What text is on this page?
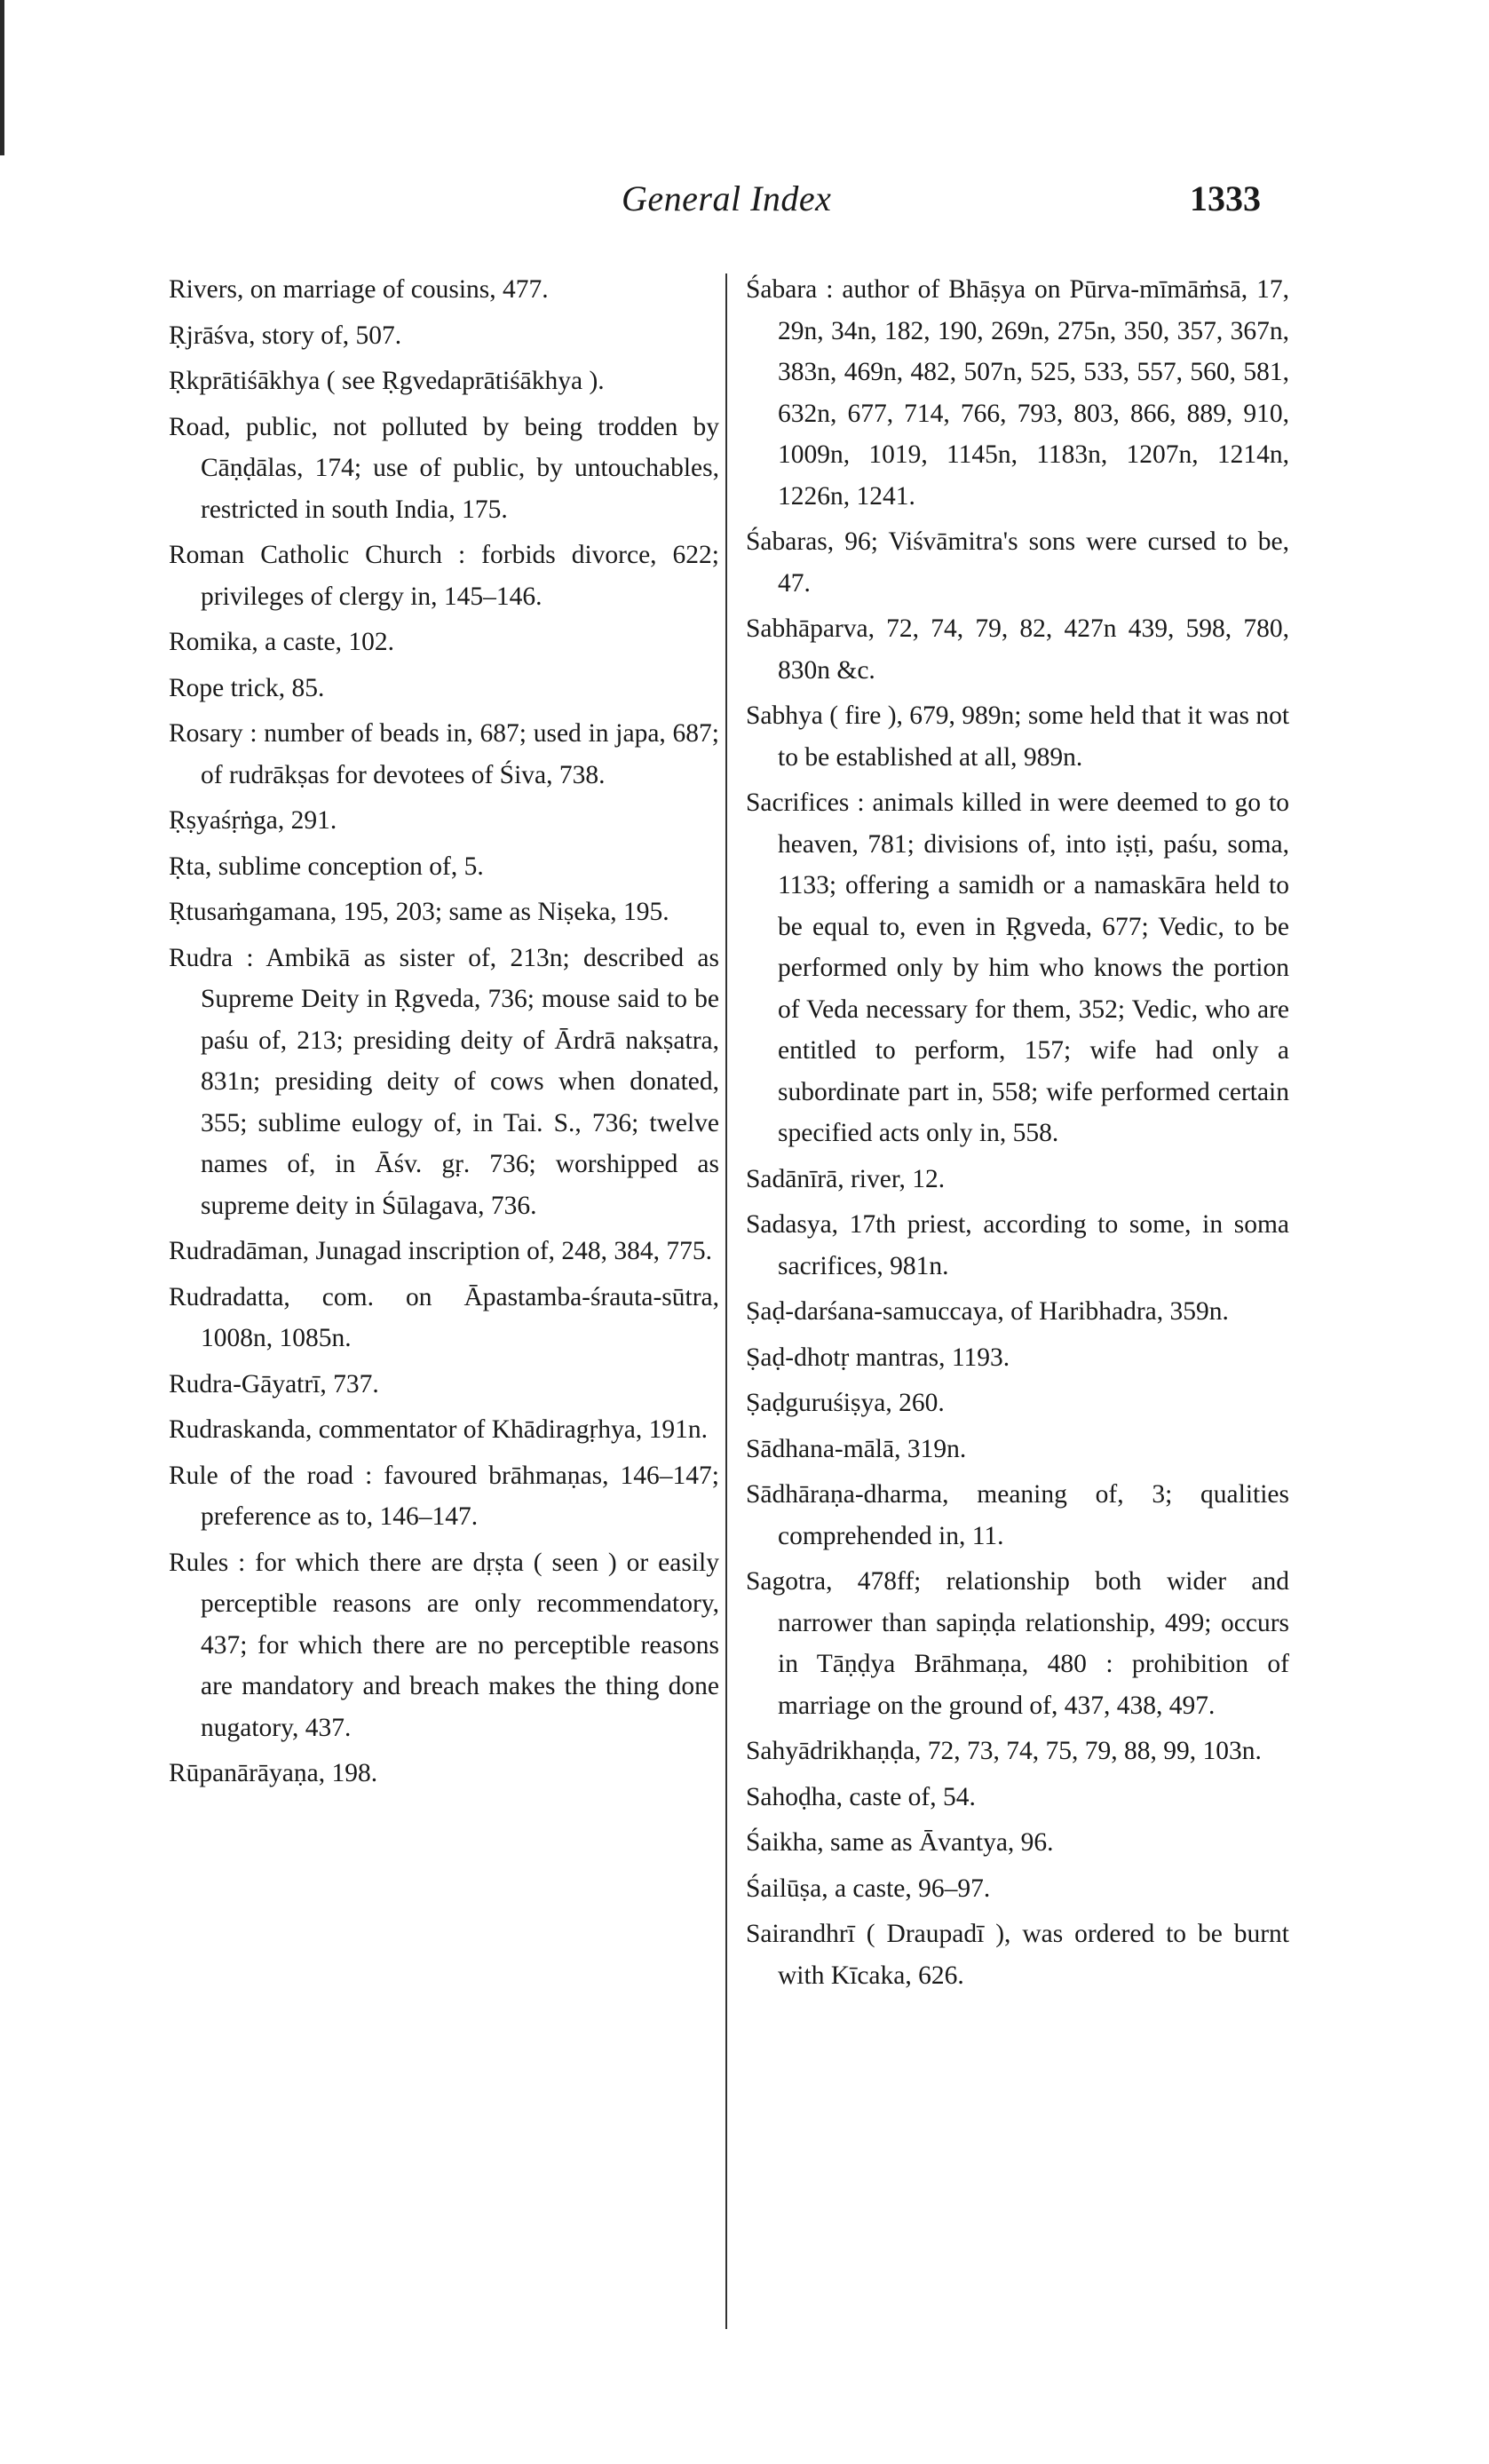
General Index	1333

Rivers, on marriage of cousins, 477.

Ṛjrāśva, story of, 507.

Ṛkprātiśākhya ( see Ṛgvedaprātiśākhya ).

Road, public, not polluted by being trodden by Cāṇḍālas, 174; use of public, by untouchables, restricted in south India, 175.

Roman Catholic Church : forbids divorce, 622; privileges of clergy in, 145–146.

Romika, a caste, 102.

Rope trick, 85.

Rosary : number of beads in, 687; used in japa, 687; of rudrākṣas for devotees of Śiva, 738.

Ṛṣyaśṛṅga, 291.

Ṛta, sublime conception of, 5.

Ṛtusaṁgamana, 195, 203; same as Niṣeka, 195.

Rudra : Ambikā as sister of, 213n; described as Supreme Deity in Ṛgveda, 736; mouse said to be paśu of, 213; presiding deity of Ārdrā nakṣatra, 831n; presiding deity of cows when donated, 355; sublime eulogy of, in Tai. S., 736; twelve names of, in Āśv. gṛ. 736; worshipped as supreme deity in Śūlagava, 736.

Rudradāman, Junagad inscription of, 248, 384, 775.

Rudradatta, com. on Āpastamba-śrauta-sūtra, 1008n, 1085n.

Rudra-Gāyatrī, 737.

Rudraskanda, commentator of Khādiragṛhya, 191n.

Rule of the road : favoured brāhmaṇas, 146–147; preference as to, 146–147.

Rules : for which there are dṛṣta ( seen ) or easily perceptible reasons are only recommendatory, 437; for which there are no perceptible reasons are mandatory and breach makes the thing done nugatory, 437.

Rūpanārāyaṇa, 198.

Śabara : author of Bhāṣya on Pūrva-mīmāṁsā, 17, 29n, 34n, 182, 190, 269n, 275n, 350, 357, 367n, 383n, 469n, 482, 507n, 525, 533, 557, 560, 581, 632n, 677, 714, 766, 793, 803, 866, 889, 910, 1009n, 1019, 1145n, 1183n, 1207n, 1214n, 1226n, 1241.

Śabaras, 96; Viśvāmitra's sons were cursed to be, 47.

Sabhāparva, 72, 74, 79, 82, 427n 439, 598, 780, 830n &c.

Sabhya ( fire ), 679, 989n; some held that it was not to be established at all, 989n.

Sacrifices : animals killed in were deemed to go to heaven, 781; divisions of, into iṣṭi, paśu, soma, 1133; offering a samidh or a namaskāra held to be equal to, even in Ṛgveda, 677; Vedic, to be performed only by him who knows the portion of Veda necessary for them, 352; Vedic, who are entitled to perform, 157; wife had only a subordinate part in, 558; wife performed certain specified acts only in, 558.

Sadānīrā, river, 12.

Sadasya, 17th priest, according to some, in soma sacrifices, 981n.

Ṣaḍ-darśana-samuccaya, of Haribhadra, 359n.

Ṣaḍ-dhotṛ mantras, 1193.

Ṣaḍguruśiṣya, 260.

Sādhana-mālā, 319n.

Sādhāraṇa-dharma, meaning of, 3; qualities comprehended in, 11.

Sagotra, 478ff; relationship both wider and narrower than sapiṇḍa relationship, 499; occurs in Tāṇḍya Brāhmaṇa, 480 : prohibition of marriage on the ground of, 437, 438, 497.

Sahyādrikhaṇḍa, 72, 73, 74, 75, 79, 88, 99, 103n.

Sahoḍha, caste of, 54.

Śaikha, same as Āvantya, 96.

Śailūṣa, a caste, 96–97.

Sairandhrī ( Draupadī ), was ordered to be burnt with Kīcaka, 626.
